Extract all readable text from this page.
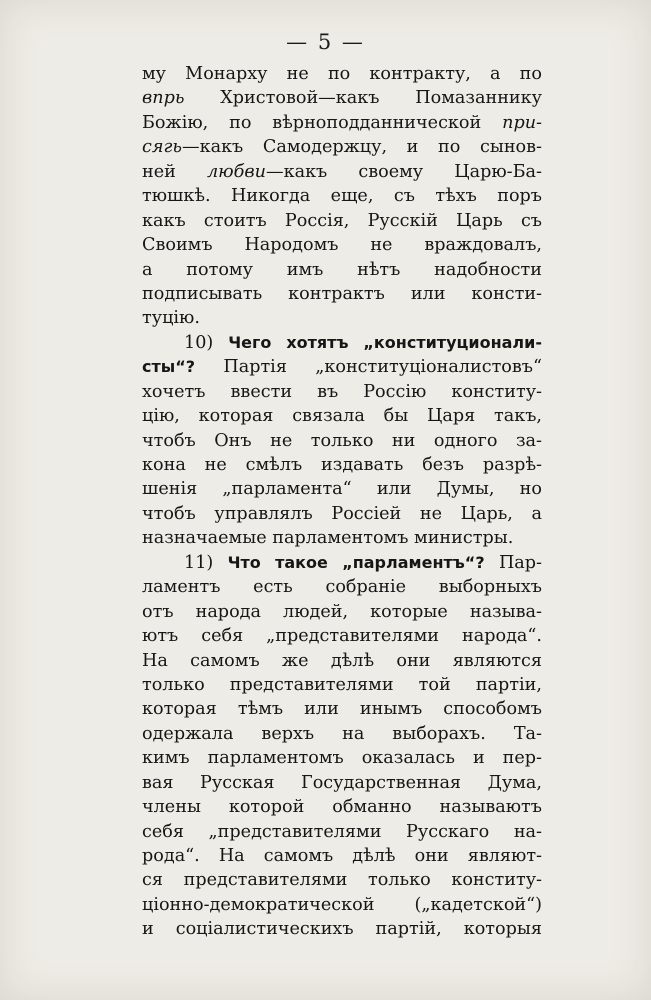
— 5 —
му Монарху не по контракту, а по
впрь Христовой—какъ Помазаннику
Божію, по вѣрноподданнической при-
сягь—какъ Самодержцу, и по сынов-
ней любви—какъ своему Царю-Ба-
тюшкѣ. Никогда еще, съ тѣхъ поръ
какъ стоитъ Россія, Русскій Царь съ
Своимъ Народомъ не враждовалъ,
а потому имъ нѣтъ надобности
подписывать контрактъ или консти-
туцію.
10) Чего хотятъ „конституционали-
сты“? Партія „конституціоналистовъ“
хочетъ ввести въ Россію конститу-
цію, которая связала бы Царя такъ,
чтобъ Онъ не только ни одного за-
кона не смѣлъ издавать безъ разрѣ-
шенія „парламента“ или Думы, но
чтобъ управлялъ Россіей не Царь, а
назначаемые парламентомъ министры.
11) Что такое „парламентъ“? Пар-
ламентъ есть собраніе выборныхъ
отъ народа людей, которые называ-
ютъ себя „представителями народа“.
На самомъ же дѣлѣ они являются
только представителями той партіи,
которая тѣмъ или инымъ способомъ
одержала верхъ на выборахъ. Та-
кимъ парламентомъ оказалась и пер-
вая Русская Государственная Дума,
члены которой обманно называютъ
себя „представителями Русскаго на-
рода“. На самомъ дѣлѣ они являют-
ся представителями только конститу-
ціонно-демократической („кадетской“)
и соціалистическихъ партій, которыя
